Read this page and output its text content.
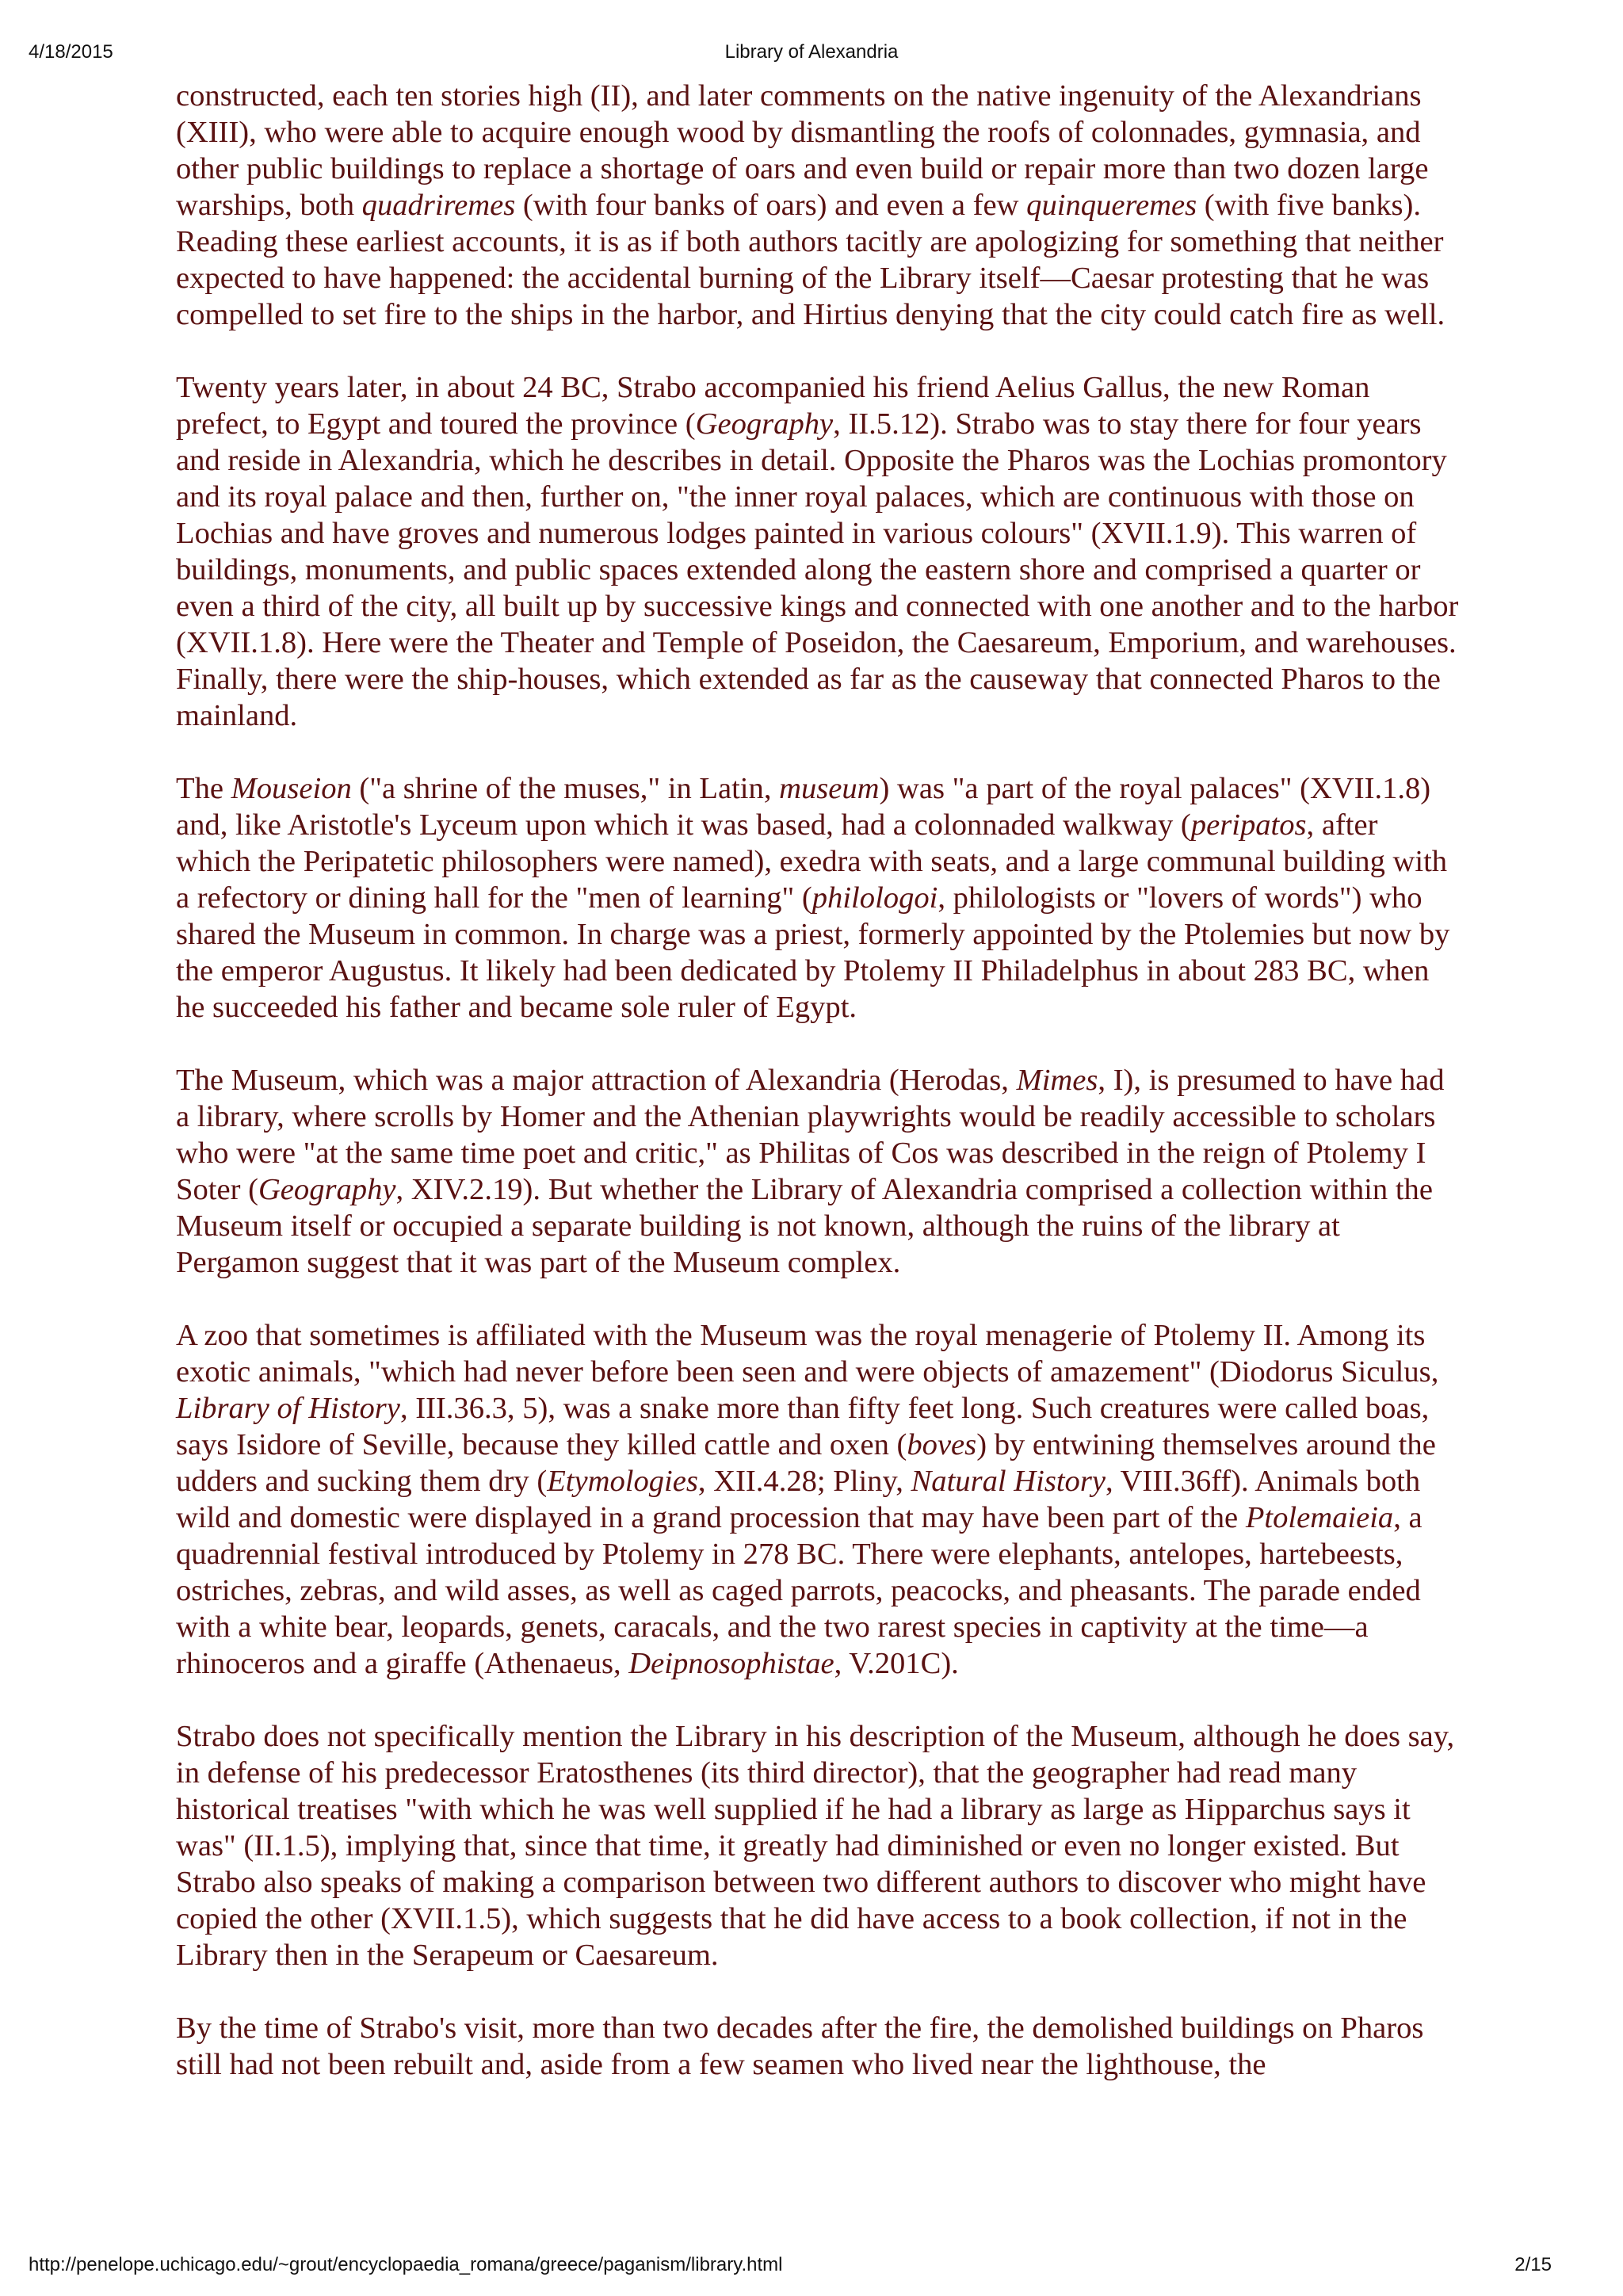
4/18/2015	Library of Alexandria

constructed, each ten stories high (II), and later comments on the native ingenuity of the Alexandrians (XIII), who were able to acquire enough wood by dismantling the roofs of colonnades, gymnasia, and other public buildings to replace a shortage of oars and even build or repair more than two dozen large warships, both quadriremes (with four banks of oars) and even a few quinqueremes (with five banks). Reading these earliest accounts, it is as if both authors tacitly are apologizing for something that neither expected to have happened: the accidental burning of the Library itself—Caesar protesting that he was compelled to set fire to the ships in the harbor, and Hirtius denying that the city could catch fire as well.

Twenty years later, in about 24 BC, Strabo accompanied his friend Aelius Gallus, the new Roman prefect, to Egypt and toured the province (Geography, II.5.12). Strabo was to stay there for four years and reside in Alexandria, which he describes in detail. Opposite the Pharos was the Lochias promontory and its royal palace and then, further on, "the inner royal palaces, which are continuous with those on Lochias and have groves and numerous lodges painted in various colours" (XVII.1.9). This warren of buildings, monuments, and public spaces extended along the eastern shore and comprised a quarter or even a third of the city, all built up by successive kings and connected with one another and to the harbor (XVII.1.8). Here were the Theater and Temple of Poseidon, the Caesareum, Emporium, and warehouses. Finally, there were the ship-houses, which extended as far as the causeway that connected Pharos to the mainland.

The Mouseion ("a shrine of the muses," in Latin, museum) was "a part of the royal palaces" (XVII.1.8) and, like Aristotle's Lyceum upon which it was based, had a colonnaded walkway (peripatos, after which the Peripatetic philosophers were named), exedra with seats, and a large communal building with a refectory or dining hall for the "men of learning" (philologoi, philologists or "lovers of words") who shared the Museum in common. In charge was a priest, formerly appointed by the Ptolemies but now by the emperor Augustus. It likely had been dedicated by Ptolemy II Philadelphus in about 283 BC, when he succeeded his father and became sole ruler of Egypt.

The Museum, which was a major attraction of Alexandria (Herodas, Mimes, I), is presumed to have had a library, where scrolls by Homer and the Athenian playwrights would be readily accessible to scholars who were "at the same time poet and critic," as Philitas of Cos was described in the reign of Ptolemy I Soter (Geography, XIV.2.19). But whether the Library of Alexandria comprised a collection within the Museum itself or occupied a separate building is not known, although the ruins of the library at Pergamon suggest that it was part of the Museum complex.

A zoo that sometimes is affiliated with the Museum was the royal menagerie of Ptolemy II. Among its exotic animals, "which had never before been seen and were objects of amazement" (Diodorus Siculus, Library of History, III.36.3, 5), was a snake more than fifty feet long. Such creatures were called boas, says Isidore of Seville, because they killed cattle and oxen (boves) by entwining themselves around the udders and sucking them dry (Etymologies, XII.4.28; Pliny, Natural History, VIII.36ff). Animals both wild and domestic were displayed in a grand procession that may have been part of the Ptolemaieia, a quadrennial festival introduced by Ptolemy in 278 BC. There were elephants, antelopes, hartebeests, ostriches, zebras, and wild asses, as well as caged parrots, peacocks, and pheasants. The parade ended with a white bear, leopards, genets, caracals, and the two rarest species in captivity at the time—a rhinoceros and a giraffe (Athenaeus, Deipnosophistae, V.201C).

Strabo does not specifically mention the Library in his description of the Museum, although he does say, in defense of his predecessor Eratosthenes (its third director), that the geographer had read many historical treatises "with which he was well supplied if he had a library as large as Hipparchus says it was" (II.1.5), implying that, since that time, it greatly had diminished or even no longer existed. But Strabo also speaks of making a comparison between two different authors to discover who might have copied the other (XVII.1.5), which suggests that he did have access to a book collection, if not in the Library then in the Serapeum or Caesareum.

By the time of Strabo's visit, more than two decades after the fire, the demolished buildings on Pharos still had not been rebuilt and, aside from a few seamen who lived near the lighthouse, the

http://penelope.uchicago.edu/~grout/encyclopaedia_romana/greece/paganism/library.html	2/15
